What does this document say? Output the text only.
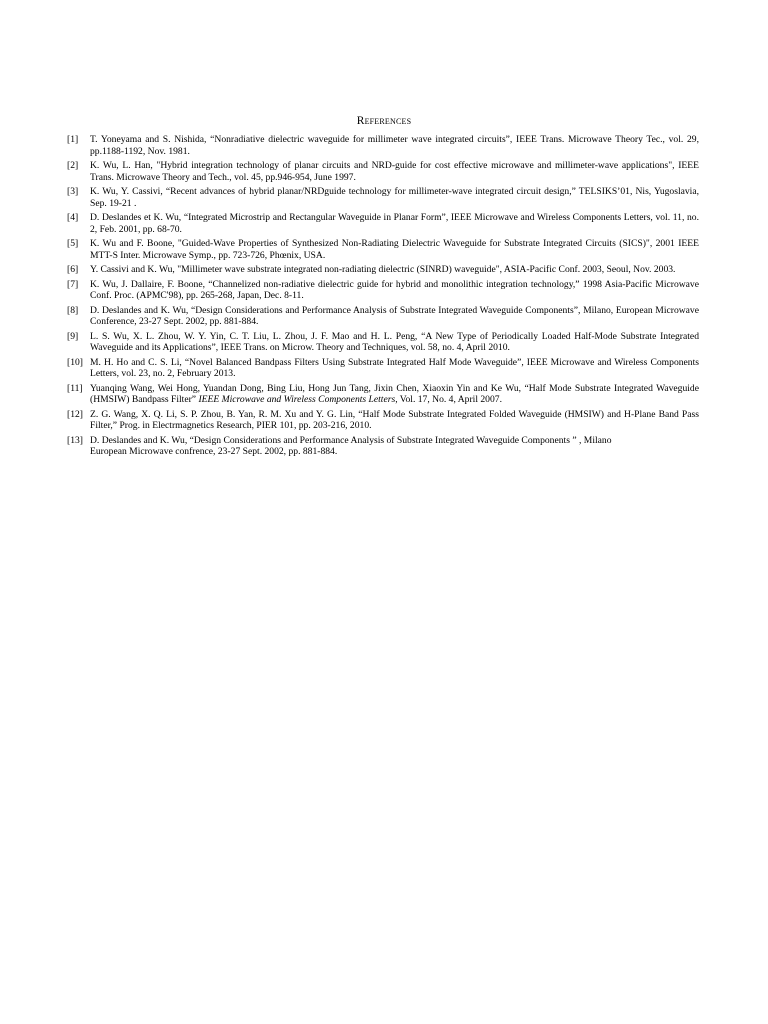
References
[1]	T. Yoneyama and S. Nishida, “Nonradiative dielectric waveguide for millimeter wave integrated circuits”, IEEE Trans. Microwave Theory Tec., vol. 29, pp.1188-1192, Nov. 1981.
[2]	K. Wu, L. Han, "Hybrid integration technology of planar circuits and NRD-guide for cost effective microwave and millimeter-wave applications", IEEE Trans. Microwave Theory and Tech., vol. 45, pp.946-954, June 1997.
[3]	K. Wu, Y. Cassivi, “Recent advances of hybrid planar/NRDguide technology for millimeter-wave integrated circuit design,” TELSIKS’01, Nis, Yugoslavia, Sep. 19-21 .
[4]	D. Deslandes et K. Wu, “Integrated Microstrip and Rectangular Waveguide in Planar Form”, IEEE Microwave and Wireless Components Letters, vol. 11, no. 2, Feb. 2001, pp. 68-70.
[5]	K. Wu and F. Boone, "Guided-Wave Properties of Synthesized Non-Radiating Dielectric Waveguide for Substrate Integrated Circuits (SICS)", 2001 IEEE MTT-S Inter. Microwave Symp., pp. 723-726, Phœnix, USA.
[6]	Y. Cassivi and K. Wu, "Millimeter wave substrate integrated non-radiating dielectric (SINRD) waveguide", ASIA-Pacific Conf. 2003, Seoul, Nov. 2003.
[7]	K. Wu, J. Dallaire, F. Boone, “Channelized non-radiative dielectric guide for hybrid and monolithic integration technology,” 1998 Asia-Pacific Microwave Conf. Proc. (APMC'98), pp. 265-268, Japan, Dec. 8-11.
[8]	D. Deslandes and K. Wu, “Design Considerations and Performance Analysis of Substrate Integrated Waveguide Components”, Milano, European Microwave Conference, 23-27 Sept. 2002, pp. 881-884.
[9]	L. S. Wu, X. L. Zhou, W. Y. Yin, C. T. Liu, L. Zhou, J. F. Mao and H. L. Peng, “A New Type of Periodically Loaded Half-Mode Substrate Integrated Waveguide and its Applications”, IEEE Trans. on Microw. Theory and Techniques, vol. 58, no. 4, April 2010.
[10] M. H. Ho and C. S. Li, “Novel Balanced Bandpass Filters Using Substrate Integrated Half Mode Waveguide”, IEEE Microwave and Wireless Components Letters, vol. 23, no. 2, February 2013.
[11] Yuanqing Wang, Wei Hong, Yuandan Dong, Bing Liu, Hong Jun Tang, Jixin Chen, Xiaoxin Yin and Ke Wu, “Half Mode Substrate Integrated Waveguide (HMSIW) Bandpass Filter” IEEE Microwave and Wireless Components Letters, Vol. 17, No. 4, April 2007.
[12] Z. G. Wang, X. Q. Li, S. P. Zhou, B. Yan, R. M. Xu and Y. G. Lin, “Half Mode Substrate Integrated Folded Waveguide (HMSIW) and H-Plane Band Pass Filter,” Prog. in Electrmagnetics Research, PIER 101, pp. 203-216, 2010.
[13] D. Deslandes and K. Wu, “Design Considerations and Performance Analysis of Substrate Integrated Waveguide Components ” , Milano
European Microwave confrence, 23-27 Sept. 2002, pp. 881-884.
